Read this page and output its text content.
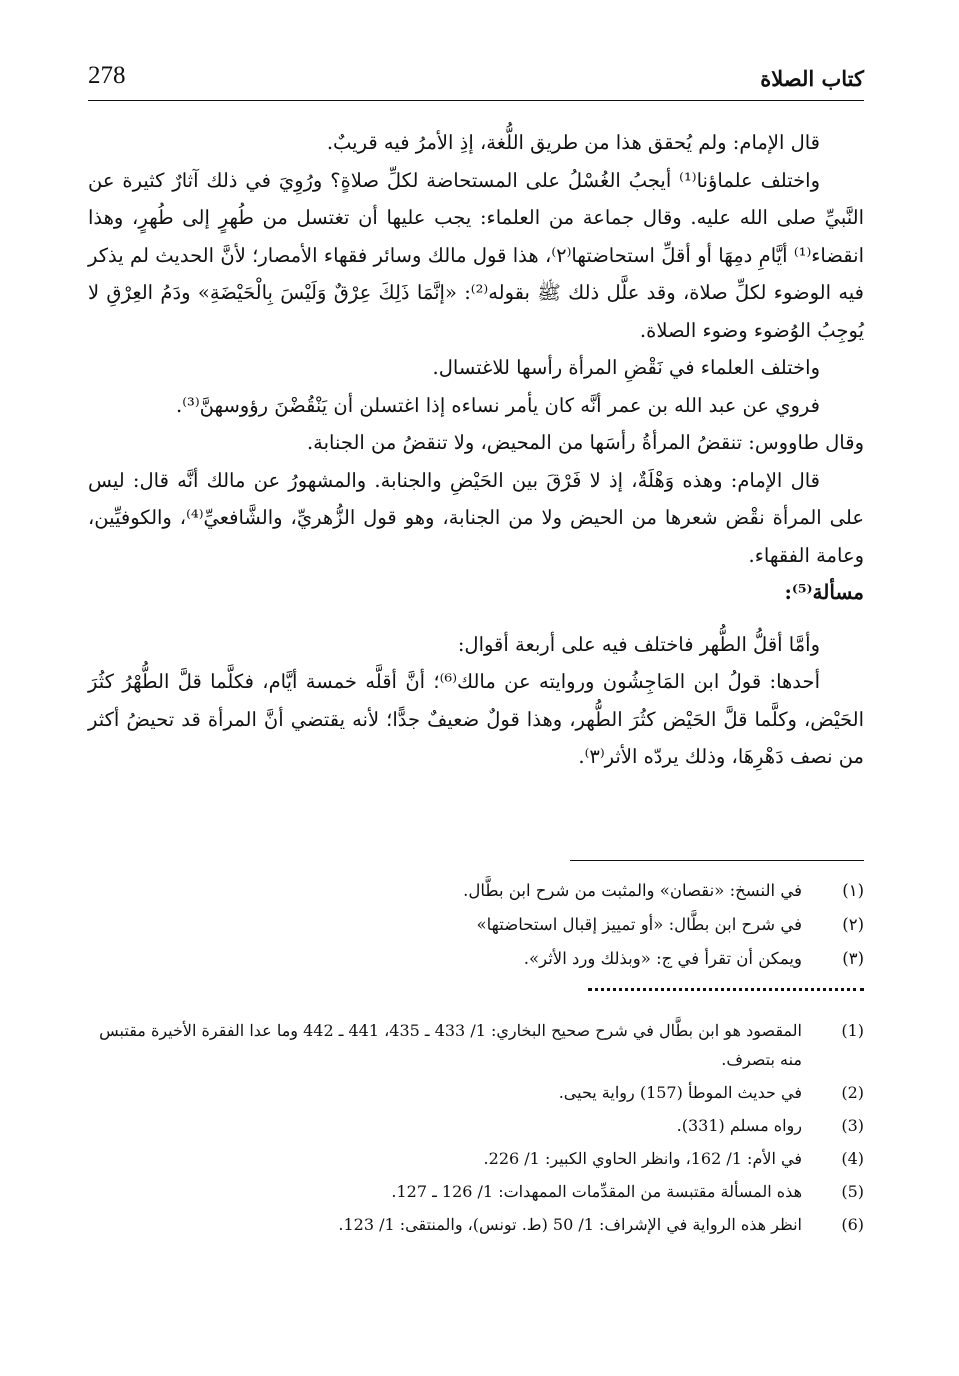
278	كتاب الصلاة

قال الإمام: ولم يُحقق هذا من طريق اللُّغة، إذِ الأمرُ فيه قريبٌ.

واختلف علماؤنا⁽¹⁾ أيجبُ الغُسْلُ على المستحاضة لكلِّ صلاةٍ؟ ورُوِيَ في ذلك آثارٌ كثيرة عن النَّبيِّ صلى الله عليه. وقال جماعة من العلماء: يجب عليها أن تغتسل من طُهرٍ إلى طُهرٍ، وهذا انقضاء⁽¹⁾ أيَّامِ دمِهَا أو أقلِّ استحاضتها⁽٢⁾، هذا قول مالك وسائر فقهاء الأمصار؛ لأنَّ الحديث لم يذكر فيه الوضوء لكلِّ صلاة، وقد علَّل ذلك ﷺ بقوله⁽²⁾: «إنَّمَا ذَلِكَ عِرْقٌ وَلَيْسَ بِالْحَيْضَةِ» ودَمُ العِرْقِ لا يُوجِبُ الوُضوء وضوء الصلاة.

واختلف العلماء في نَقْضِ المرأة رأسها للاغتسال.

فروي عن عبد الله بن عمر أنَّه كان يأمر نساءه إذا اغتسلن أن يَنْقُضْنَ رؤوسهنَّ⁽³⁾.

وقال طاووس: تنقضُ المرأةُ رأسَها من المحيض، ولا تنقضُ من الجنابة.

قال الإمام: وهذه وَهْلَةٌ، إذ لا فَرْقَ بين الحَيْضِ والجنابة. والمشهورُ عن مالك أنَّه قال: ليس على المرأة نقْض شعرها من الحيض ولا من الجنابة، وهو قول الزُّهريِّ، والشَّافعيِّ⁽⁴⁾، والكوفيِّين، وعامة الفقهاء.

مسألة⁽⁵⁾:

وأمَّا أقلُّ الطُّهر فاختلف فيه على أربعة أقوال:

أحدها: قولُ ابن المَاجِشُون وروايته عن مالك⁽⁶⁾؛ أنَّ أقلَّه خمسة أيَّام، فكلَّما قلَّ الطُّهْرُ كثُرَ الحَيْض، وكلَّما قلَّ الحَيْض كثُرَ الطُّهر، وهذا قولٌ ضعيفٌ جدًّا؛ لأنه يقتضي أنَّ المرأة قد تحيضُ أكثر من نصف دَهْرِهَا، وذلك يردّه الأثر⁽٣⁾.

(١)
في النسخ: «نقصان» والمثبت من شرح ابن بطَّال.
(٢)
في شرح ابن بطَّال: «أو تمييز إقبال استحاضتها»
(٣)
ويمكن أن تقرأ في ج: «وبذلك ورد الأثر».
(1)
المقصود هو ابن بطَّال في شرح صحيح البخاري: 1/ 433 ـ 435، 441 ـ 442 وما عدا الفقرة الأخيرة مقتبس منه بتصرف.
(2)
في حديث الموطأ (157) رواية يحيى.
(3)
رواه مسلم (331).
(4)
في الأم: 1/ 162، وانظر الحاوي الكبير: 1/ 226.
(5)
هذه المسألة مقتبسة من المقدِّمات الممهدات: 1/ 126 ـ 127.
(6)
انظر هذه الرواية في الإشراف: 1/ 50 (ط. تونس)، والمنتقى: 1/ 123.
